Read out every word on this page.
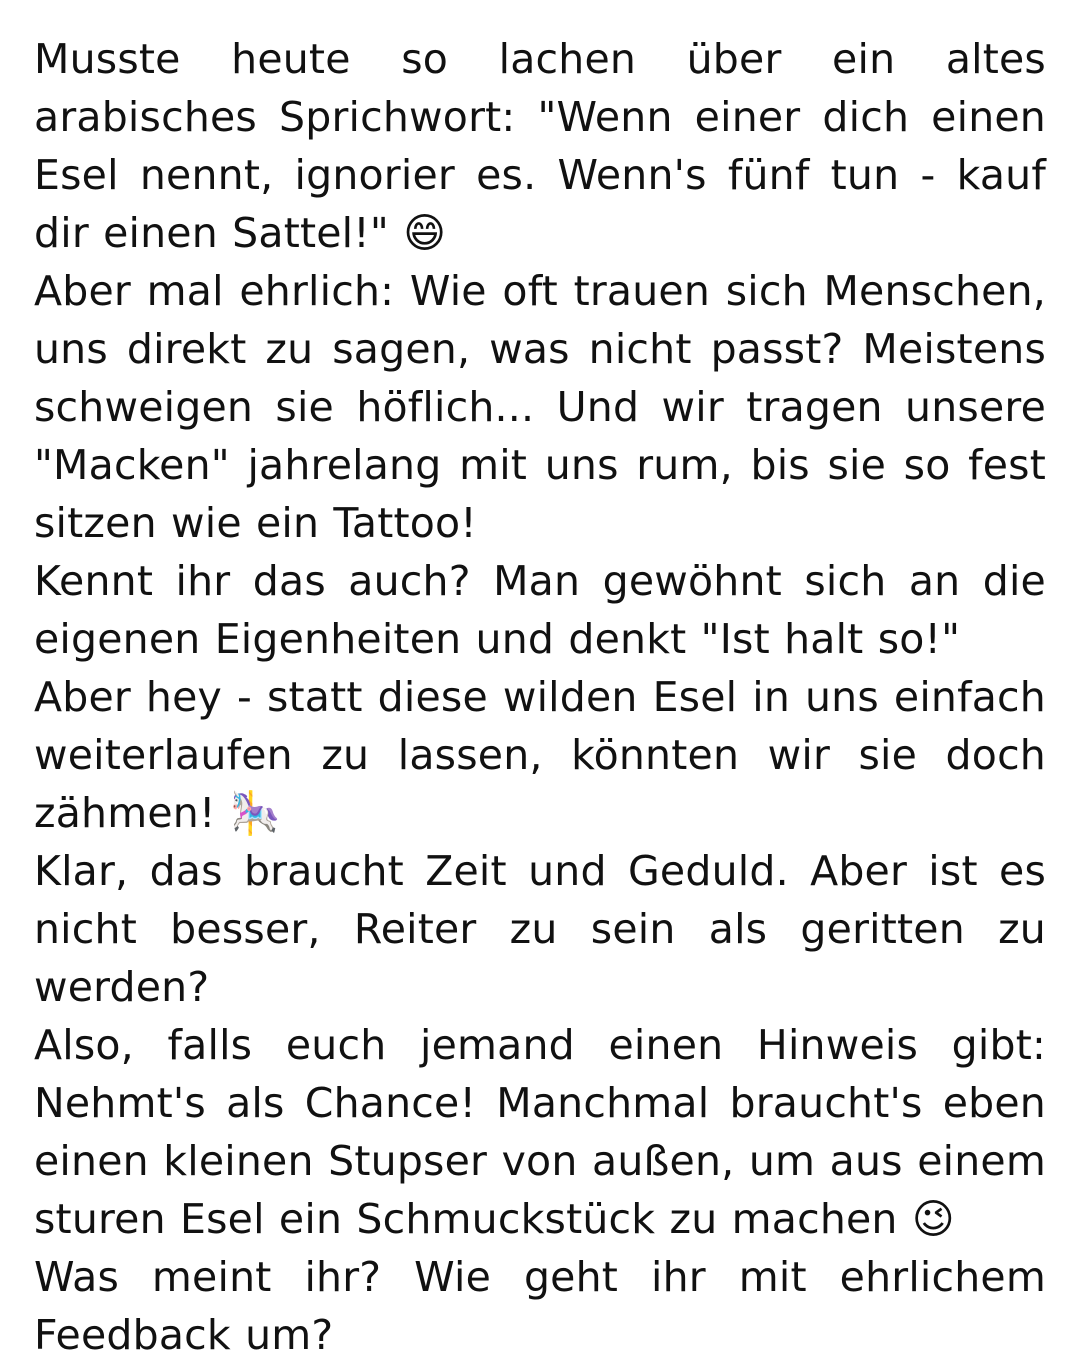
Musste heute so lachen über ein altes arabisches Sprichwort: "Wenn einer dich einen Esel nennt, ignorier es. Wenn's fünf tun - kauf dir einen Sattel!" 😄

Aber mal ehrlich: Wie oft trauen sich Menschen, uns direkt zu sagen, was nicht passt? Meistens schweigen sie höflich... Und wir tragen unsere "Macken" jahrelang mit uns rum, bis sie so fest sitzen wie ein Tattoo!

Kennt ihr das auch? Man gewöhnt sich an die eigenen Eigenheiten und denkt "Ist halt so!"

Aber hey - statt diese wilden Esel in uns einfach weiterlaufen zu lassen, könnten wir sie doch zähmen! 🎠

Klar, das braucht Zeit und Geduld. Aber ist es nicht besser, Reiter zu sein als geritten zu werden?

Also, falls euch jemand einen Hinweis gibt: Nehmt's als Chance! Manchmal braucht's eben einen kleinen Stupser von außen, um aus einem sturen Esel ein Schmuckstück zu machen 😉

Was meint ihr? Wie geht ihr mit ehrlichem Feedback um?
